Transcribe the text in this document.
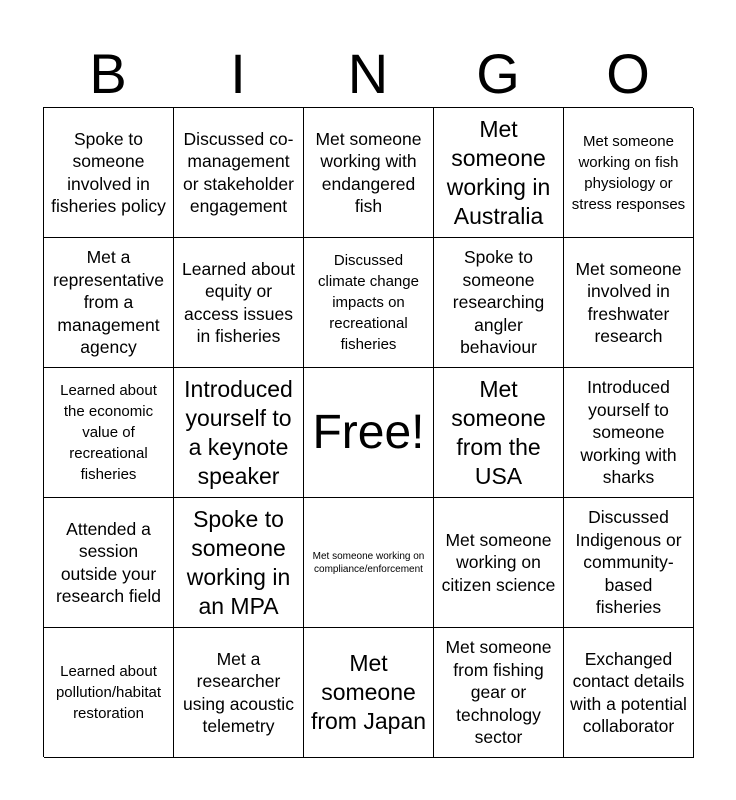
B	I	N	G	O
Spoke to someone involved in fisheries policy
Discussed co-management or stakeholder engagement
Met someone working with endangered fish
Met someone working in Australia
Met someone working on fish physiology or stress responses
Met a representative from a management agency
Learned about equity or access issues in fisheries
Discussed climate change impacts on recreational fisheries
Spoke to someone researching angler behaviour
Met someone involved in freshwater research
Learned about the economic value of recreational fisheries
Introduced yourself to a keynote speaker
Free!
Met someone from the USA
Introduced yourself to someone working with sharks
Attended a session outside your research field
Spoke to someone working in an MPA
Met someone working on compliance/enforcement
Met someone working on citizen science
Discussed Indigenous or community-based fisheries
Learned about pollution/habitat restoration
Met a researcher using acoustic telemetry
Met someone from Japan
Met someone from fishing gear or technology sector
Exchanged contact details with a potential collaborator
